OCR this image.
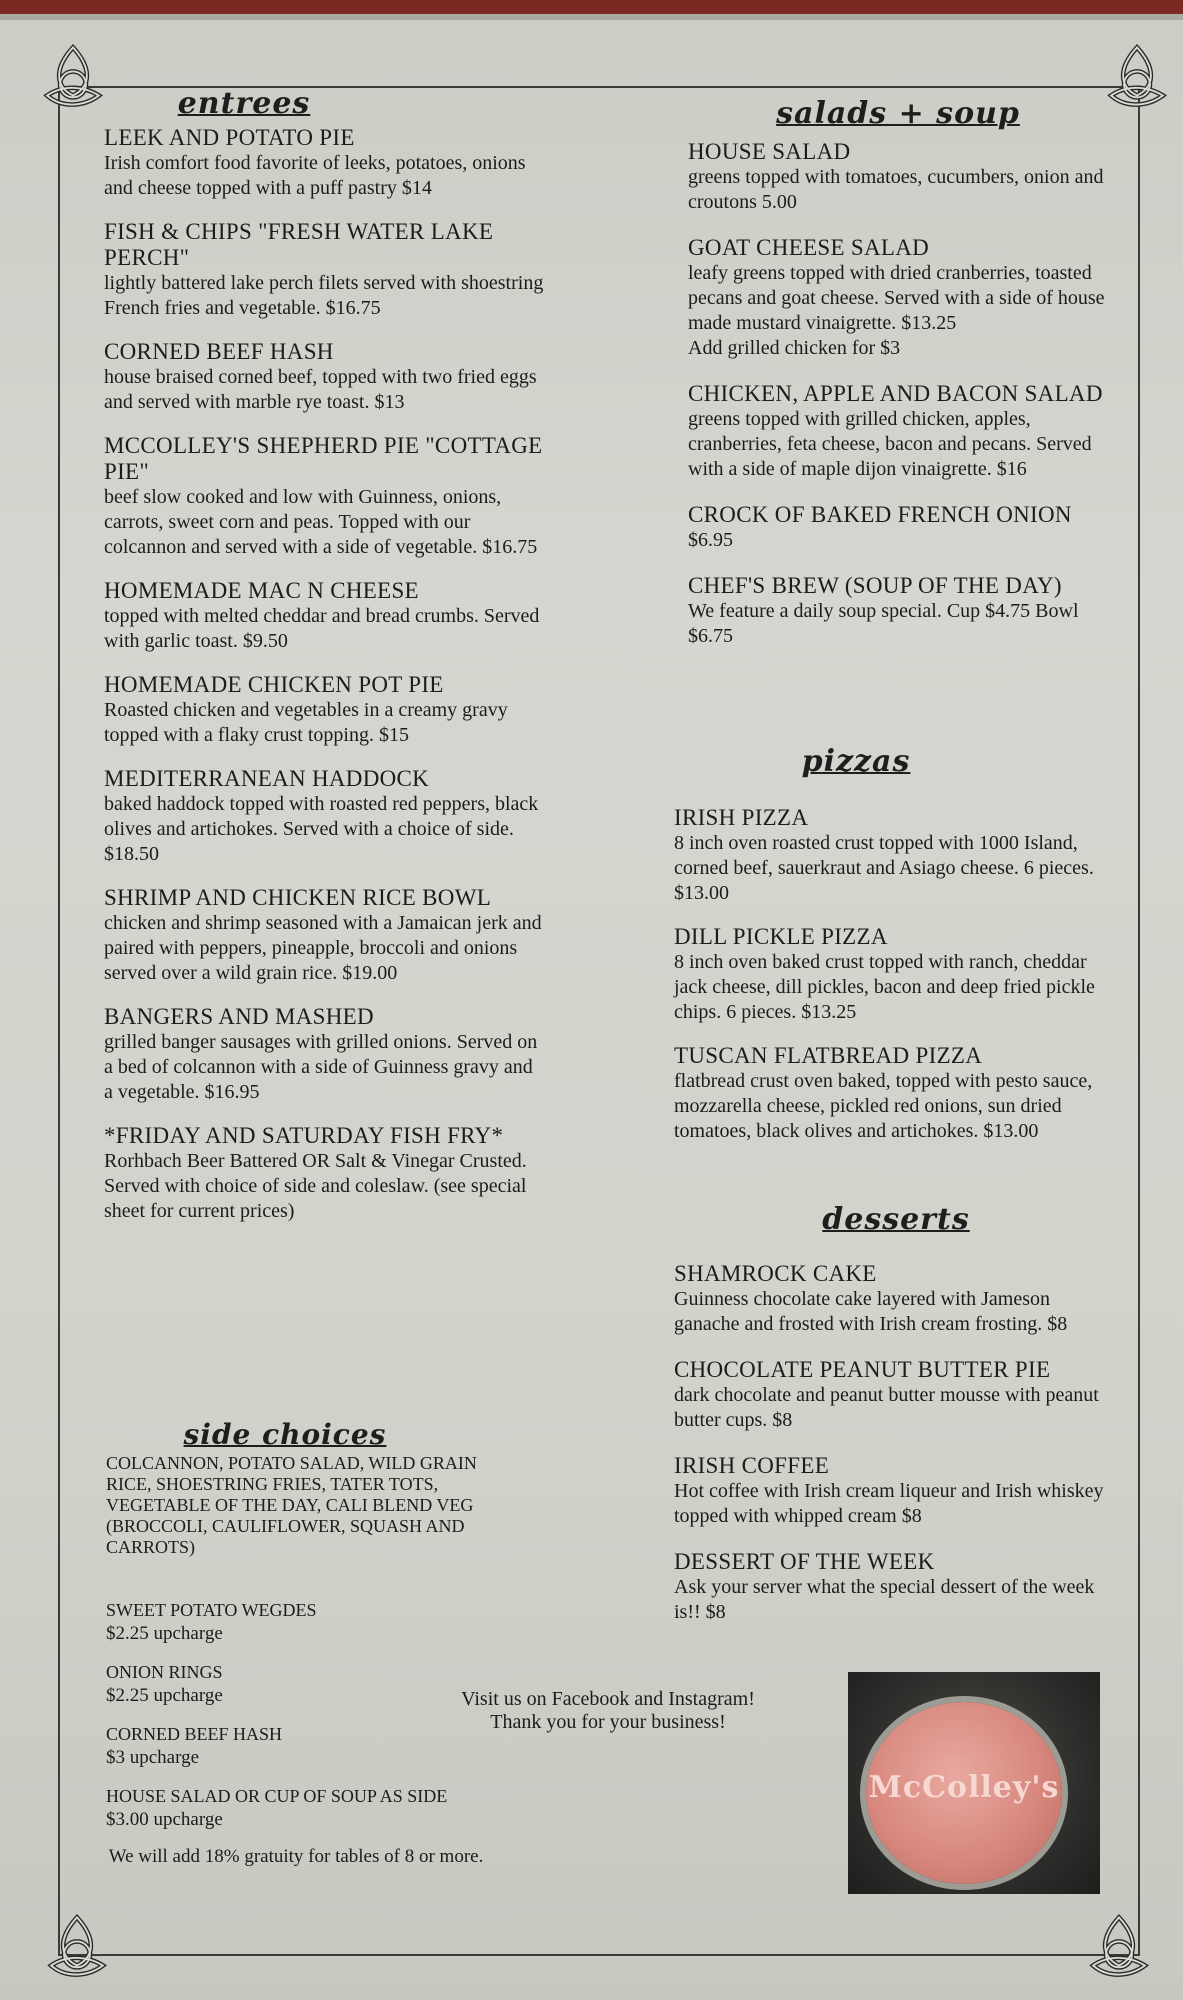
entrees
LEEK AND POTATO PIE
Irish comfort food favorite of leeks, potatoes, onions and cheese topped with a puff pastry $14
FISH & CHIPS "FRESH WATER LAKE PERCH"
lightly battered lake perch filets served with shoestring French fries and vegetable. $16.75
CORNED BEEF HASH
house braised corned beef, topped with two fried eggs and served with marble rye toast. $13
MCCOLLEY'S SHEPHERD PIE "COTTAGE PIE"
beef slow cooked and low with Guinness, onions, carrots, sweet corn and peas. Topped with our colcannon and served with a side of vegetable. $16.75
HOMEMADE MAC N CHEESE
topped with melted cheddar and bread crumbs. Served with garlic toast. $9.50
HOMEMADE CHICKEN POT PIE
Roasted chicken and vegetables in a creamy gravy topped with a flaky crust topping. $15
MEDITERRANEAN HADDOCK
baked haddock topped with roasted red peppers, black olives and artichokes. Served with a choice of side. $18.50
SHRIMP AND CHICKEN RICE BOWL
chicken and shrimp seasoned with a Jamaican jerk and paired with peppers, pineapple, broccoli and onions served over a wild grain rice. $19.00
BANGERS AND MASHED
grilled banger sausages with grilled onions. Served on a bed of colcannon with a side of Guinness gravy and a vegetable. $16.95
*FRIDAY AND SATURDAY FISH FRY*
Rorhbach Beer Battered OR Salt & Vinegar Crusted. Served with choice of side and coleslaw. (see special sheet for current prices)
side choices
COLCANNON, POTATO SALAD, WILD GRAIN RICE, SHOESTRING FRIES, TATER TOTS, VEGETABLE OF THE DAY, CALI BLEND VEG (BROCCOLI, CAULIFLOWER, SQUASH AND CARROTS)
SWEET POTATO WEGDES
$2.25 upcharge
ONION RINGS
$2.25 upcharge
CORNED BEEF HASH
$3 upcharge
HOUSE SALAD OR CUP OF SOUP AS SIDE
$3.00 upcharge
We will add 18% gratuity for tables of 8 or more.
salads + soup
HOUSE SALAD
greens topped with tomatoes, cucumbers, onion and croutons 5.00
GOAT CHEESE SALAD
leafy greens topped with dried cranberries, toasted pecans and goat cheese. Served with a side of house made mustard vinaigrette. $13.25
Add grilled chicken for $3
CHICKEN, APPLE AND BACON SALAD
greens topped with grilled chicken, apples, cranberries, feta cheese, bacon and pecans. Served with a side of maple dijon vinaigrette. $16
CROCK OF BAKED FRENCH ONION
$6.95
CHEF'S BREW (SOUP OF THE DAY)
We feature a daily soup special. Cup $4.75 Bowl $6.75
pizzas
IRISH PIZZA
8 inch oven roasted crust topped with 1000 Island, corned beef, sauerkraut and Asiago cheese. 6 pieces. $13.00
DILL PICKLE PIZZA
8 inch oven baked crust topped with ranch, cheddar jack cheese, dill pickles, bacon and deep fried pickle chips. 6 pieces. $13.25
TUSCAN FLATBREAD PIZZA
flatbread crust oven baked, topped with pesto sauce, mozzarella cheese, pickled red onions, sun dried tomatoes, black olives and artichokes. $13.00
desserts
SHAMROCK CAKE
Guinness chocolate cake layered with Jameson ganache and frosted with Irish cream frosting. $8
CHOCOLATE PEANUT BUTTER PIE
dark chocolate and peanut butter mousse with peanut butter cups. $8
IRISH COFFEE
Hot coffee with Irish cream liqueur and Irish whiskey topped with whipped cream $8
DESSERT OF THE WEEK
Ask your server what the special dessert of the week is!! $8
Visit us on Facebook and Instagram!
Thank you for your business!
McColley's
